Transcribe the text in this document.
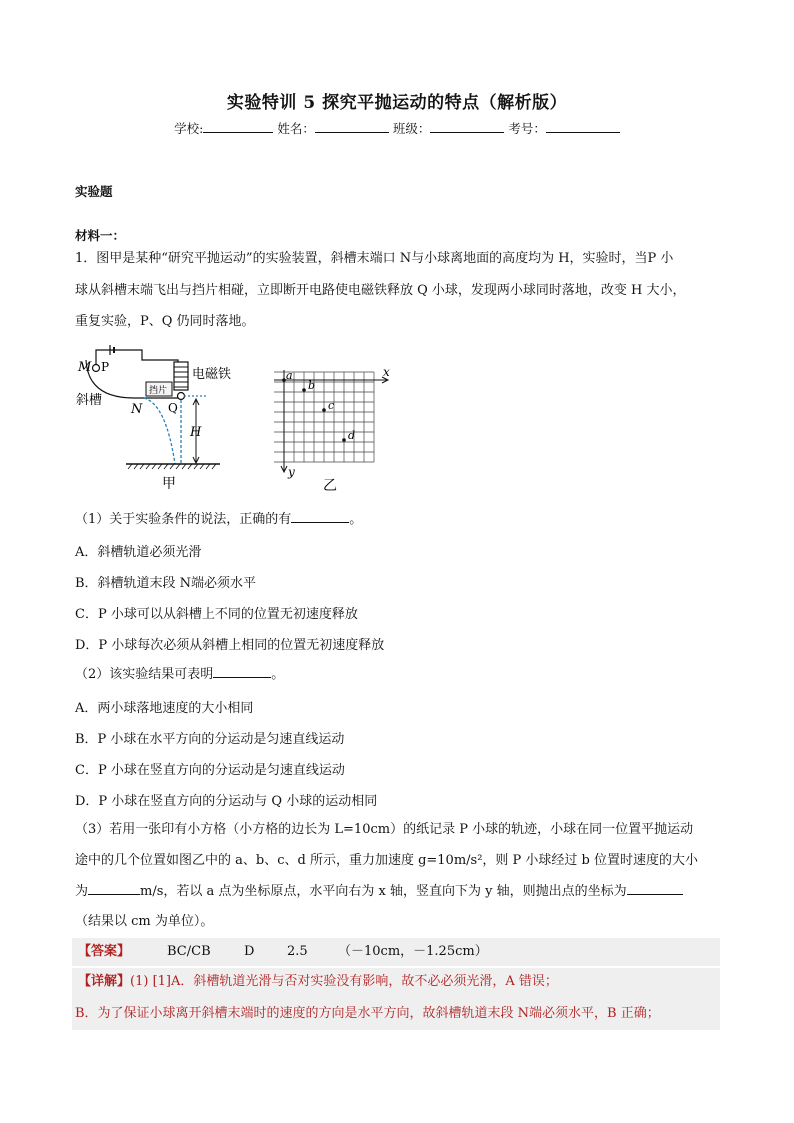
实验特训 5 探究平抛运动的特点（解析版）
学校:	姓名：	班级：	考号：
实验题
材料一：
1．图甲是某种“研究平抛运动”的实验装置，斜槽末端口 N与小球离地面的高度均为 H，实验时，当P 小
球从斜槽末端飞出与挡片相碰，立即断开电路使电磁铁释放 Q 小球，发现两小球同时落地，改变 H 大小，
重复实验，P、Q 仍同时落地。
挡片
M P	电磁铁
斜槽
N Q
H
甲
a
b
c
d
x
y
乙
（1）关于实验条件的说法，正确的有	。
A．斜槽轨道必须光滑
B．斜槽轨道末段 N端必须水平
C．P 小球可以从斜槽上不同的位置无初速度释放
D．P 小球每次必须从斜槽上相同的位置无初速度释放
（2）该实验结果可表明	。
A．两小球落地速度的大小相同
B．P 小球在水平方向的分运动是匀速直线运动
C．P 小球在竖直方向的分运动是匀速直线运动
D．P 小球在竖直方向的分运动与 Q 小球的运动相同
（3）若用一张印有小方格（小方格的边长为 L=10cm）的纸记录 P 小球的轨迹，小球在同一位置平抛运动
途中的几个位置如图乙中的 a、b、c、d 所示，重力加速度 g=10m/s²，则 P 小球经过 b 位置时速度的大小
为	m/s，若以 a 点为坐标原点，水平向右为 x 轴，竖直向下为 y 轴，则抛出点的坐标为
（结果以 cm 为单位）。
【答案】	BC/CB	D	2.5 （－10cm，－1.25cm）
【详解】(1) [1]A．斜槽轨道光滑与否对实验没有影响，故不必必须光滑，A 错误；
B．为了保证小球离开斜槽末端时的速度的方向是水平方向，故斜槽轨道末段 N端必须水平，B 正确；
